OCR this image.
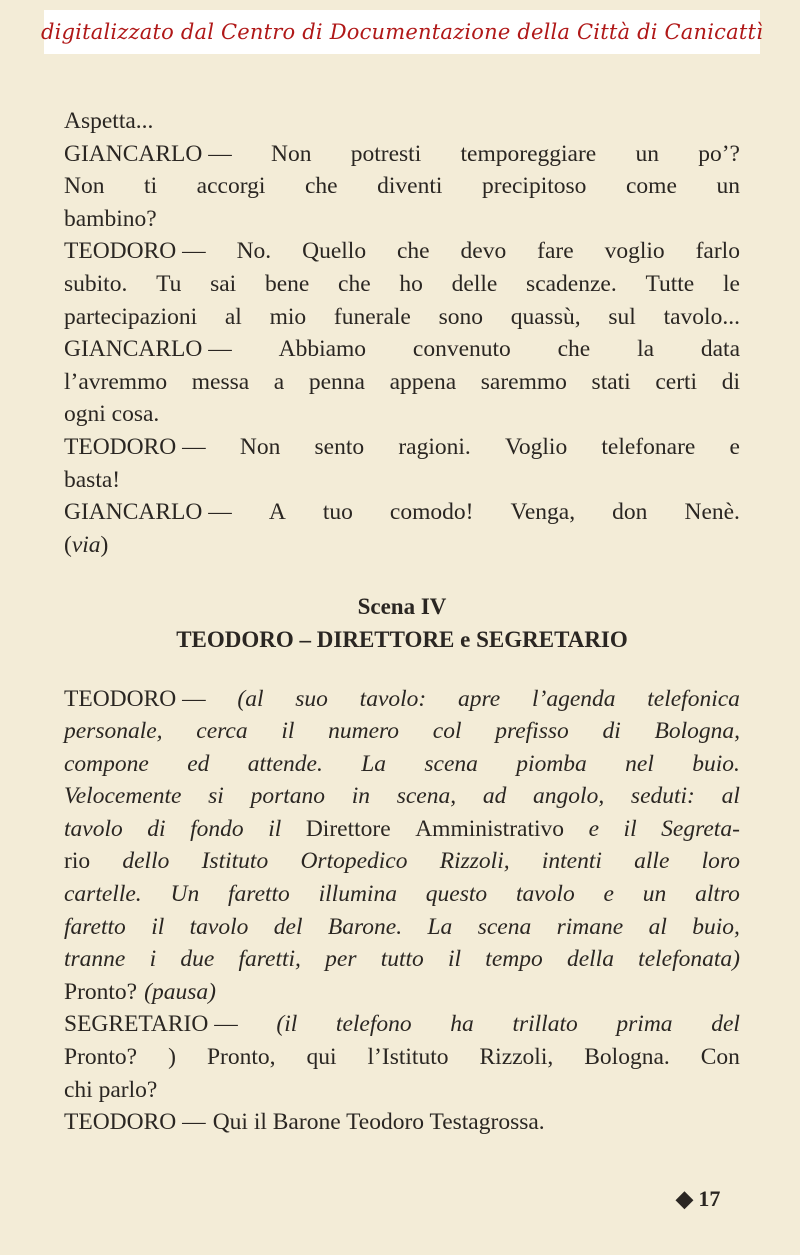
digitalizzato dal Centro di Documentazione della Città di Canicattì
Aspetta...
GIANCARLO — Non potresti temporeggiare un po’?
Non ti accorgi che diventi precipitoso come un
bambino?
TEODORO — No. Quello che devo fare voglio farlo
subito. Tu sai bene che ho delle scadenze. Tutte le
partecipazioni al mio funerale sono quassù, sul tavolo...
GIANCARLO — Abbiamo convenuto che la data
l’avremmo messa a penna appena saremmo stati certi di
ogni cosa.
TEODORO — Non sento ragioni. Voglio telefonare e
basta!
GIANCARLO — A tuo comodo! Venga, don Nenè.
( via )
Scena IV
TEODORO – DIRETTORE e SEGRETARIO
TEODORO — (al suo tavolo: apre l’agenda telefonica
personale, cerca il numero col prefisso di Bologna,
compone ed attende. La scena piomba nel buio.
Velocemente si portano in scena, ad angolo, seduti: al
tavolo di fondo il Direttore Amministrativo e il Segreta-
rio dello Istituto Ortopedico Rizzoli, intenti alle loro
cartelle. Un faretto illumina questo tavolo e un altro
faretto il tavolo del Barone. La scena rimane al buio,
tranne i due faretti, per tutto il tempo della telefonata)
Pronto? (pausa)
SEGRETARIO — (il telefono ha trillato prima del
Pronto? ) Pronto, qui l’Istituto Rizzoli, Bologna. Con
chi parlo?
TEODORO — Qui il Barone Teodoro Testagrossa.
◆ 17
